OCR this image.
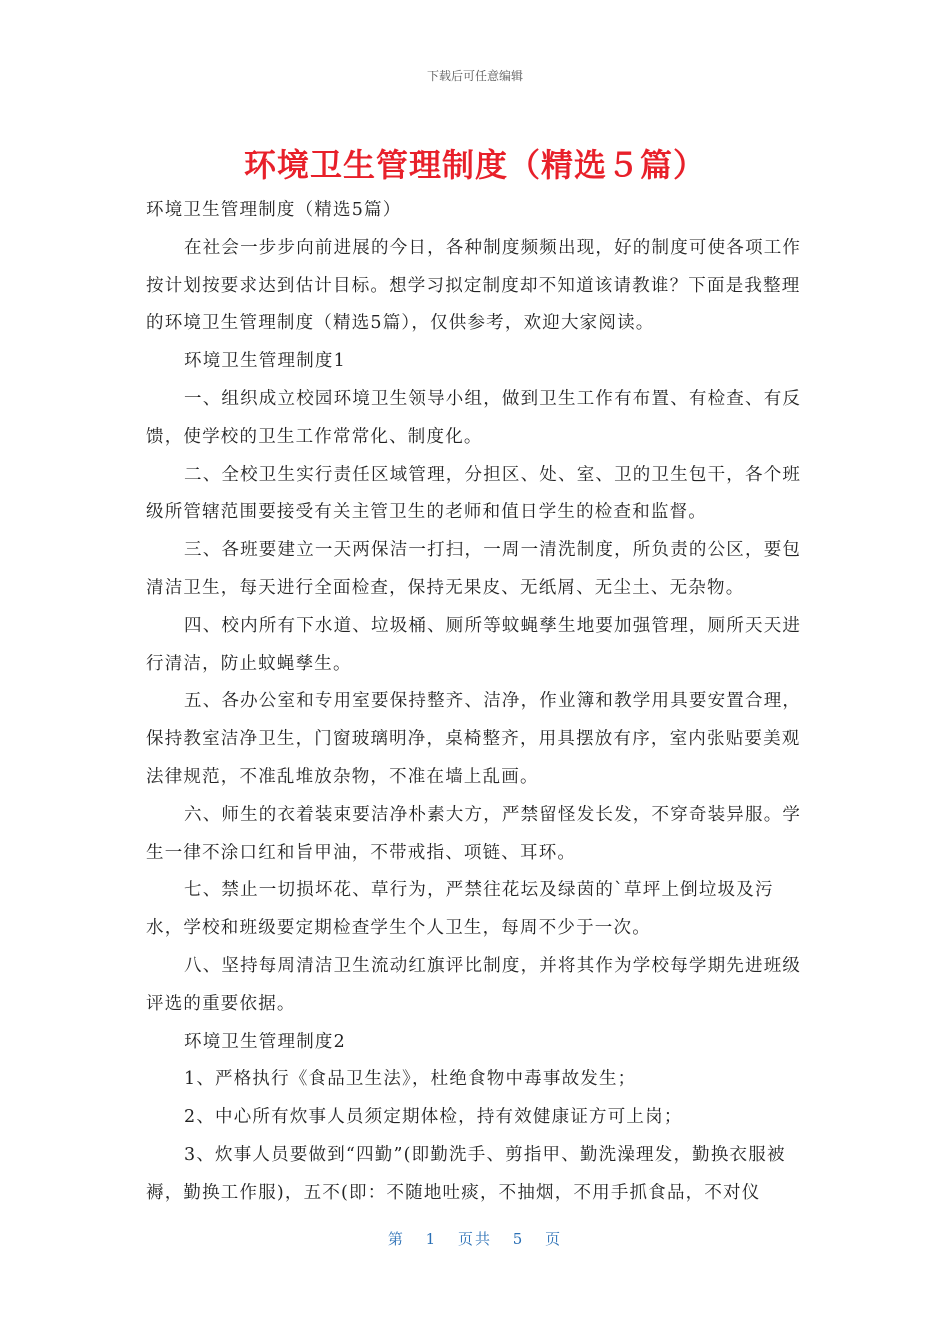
下载后可任意编辑
环境卫生管理制度（精选５篇）

环境卫生管理制度（精选5篇）

在社会一步步向前进展的今日，各种制度频频出现，好的制度可使各项工作按计划按要求达到估计目标。想学习拟定制度却不知道该请教谁？下面是我整理的环境卫生管理制度（精选5篇），仅供参考，欢迎大家阅读。

环境卫生管理制度1

一、组织成立校园环境卫生领导小组，做到卫生工作有布置、有检查、有反馈，使学校的卫生工作常常化、制度化。

二、全校卫生实行责任区域管理，分担区、处、室、卫的卫生包干，各个班级所管辖范围要接受有关主管卫生的老师和值日学生的检查和监督。

三、各班要建立一天两保洁一打扫，一周一清洗制度，所负责的公区，要包清洁卫生，每天进行全面检查，保持无果皮、无纸屑、无尘土、无杂物。

四、校内所有下水道、垃圾桶、厕所等蚊蝇孳生地要加强管理，厕所天天进行清洁，防止蚊蝇孳生。

五、各办公室和专用室要保持整齐、洁净，作业簿和教学用具要安置合理，保持教室洁净卫生，门窗玻璃明净，桌椅整齐，用具摆放有序，室内张贴要美观法律规范，不准乱堆放杂物，不准在墙上乱画。

六、师生的衣着装束要洁净朴素大方，严禁留怪发长发，不穿奇装异服。学生一律不涂口红和旨甲油，不带戒指、项链、耳环。

七、禁止一切损坏花、草行为，严禁往花坛及绿茵的`草坪上倒垃圾及污水，学校和班级要定期检查学生个人卫生，每周不少于一次。

八、坚持每周清洁卫生流动红旗评比制度，并将其作为学校每学期先进班级评选的重要依据。

环境卫生管理制度2

1、严格执行《食品卫生法》，杜绝食物中毒事故发生；

2、中心所有炊事人员须定期体检，持有效健康证方可上岗；

3、炊事人员要做到“四勤”(即勤洗手、剪指甲、勤洗澡理发，勤换衣服被褥，勤换工作服)，五不(即：不随地吐痰，不抽烟，不用手抓食品，不对仪

第 1 页共 5 页
